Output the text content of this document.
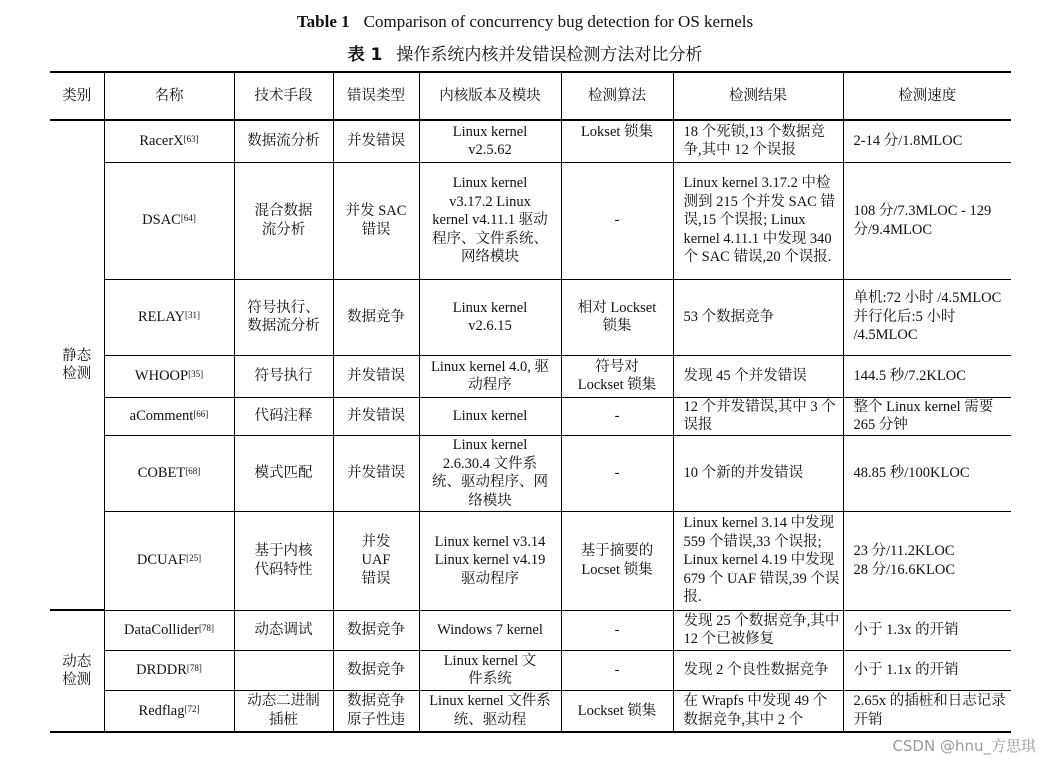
Table 1 Comparison of concurrency bug detection for OS kernels
表 1 操作系统内核并发错误检测方法对比分析
类别	名称	技术手段	错误类型	内核版本及模块	检测算法	检测结果	检测速度
静态检测	RacerX[63]	数据流分析	并发错误	Linux kernel v2.5.62	Lokset 锁集	18 个死锁,13 个数据竞争,其中 12 个误报	2-14 分/1.8MLOC
	DSAC[64]	混合数据流分析	并发 SAC 错误	Linux kernel v3.17.2 Linux kernel v4.11.1 驱动程序、文件系统、网络模块	-	Linux kernel 3.17.2 中检测到 215 个并发 SAC 错误,15 个误报; Linux kernel 4.11.1 中发现 340 个 SAC 错误,20 个误报.	108 分/7.3MLOC - 129 分/9.4MLOC
	RELAY[31]	符号执行、数据流分析	数据竞争	Linux kernel v2.6.15	相对 Lockset 锁集	53 个数据竞争	单机:72 小时 /4.5MLOC 并行化后:5 小时 /4.5MLOC
	WHOOP[35]	符号执行	并发错误	Linux kernel 4.0, 驱动程序	符号对 Lockset 锁集	发现 45 个并发错误	144.5 秒/7.2KLOC
	aComment[66]	代码注释	并发错误	Linux kernel	-	12 个并发错误,其中 3 个误报	整个 Linux kernel 需要 265 分钟
	COBET[68]	模式匹配	并发错误	Linux kernel 2.6.30.4 文件系统、驱动程序、网络模块	-	10 个新的并发错误	48.85 秒/100KLOC
	DCUAF[25]	基于内核代码特性	并发 UAF 错误	Linux kernel v3.14 Linux kernel v4.19 驱动程序	基于摘要的 Locset 锁集	Linux kernel 3.14 中发现 559 个错误,33 个误报; Linux kernel 4.19 中发现 679 个 UAF 错误,39 个误报.	23 分/11.2KLOC 28 分/16.6KLOC
动态检测	DataCollider[78]	动态调试	数据竞争	Windows 7 kernel	-	发现 25 个数据竞争,其中 12 个已被修复	小于 1.3x 的开销
	DRDDR[78]		数据竞争	Linux kernel 文件系统	-	发现 2 个良性数据竞争	小于 1.1x 的开销
	Redflag[72]	动态二进制插桩	数据竞争原子性违	Linux kernel 文件系统、驱动程	Lockset 锁集	在 Wrapfs 中发现 49 个数据竞争,其中 2 个	2.65x 的插桩和日志记录开销
CSDN @hnu_方思琪
